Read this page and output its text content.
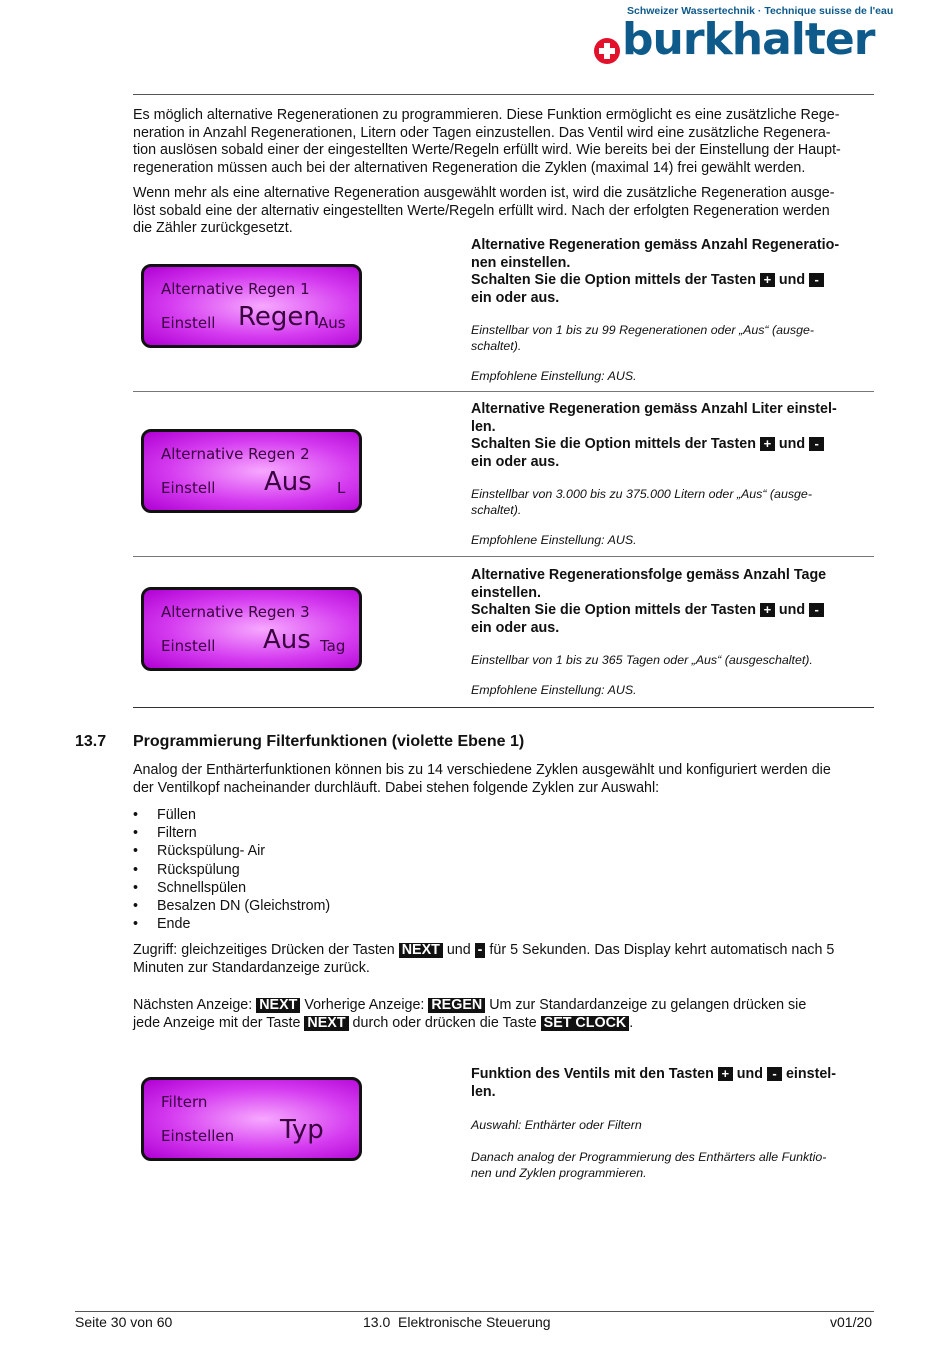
Schweizer Wassertechnik · Technique suisse de l'eau
burkhalter
Es möglich alternative Regenerationen zu programmieren. Diese Funktion ermöglicht es eine zusätzliche Rege-
neration in Anzahl Regenerationen, Litern oder Tagen einzustellen. Das Ventil wird eine zusätzliche Regenera-
tion auslösen sobald einer der eingestellten Werte/Regeln erfüllt wird. Wie bereits bei der Einstellung der Haupt-
regeneration müssen auch bei der alternativen Regeneration die Zyklen (maximal 14) frei gewählt werden.
Wenn mehr als eine alternative Regeneration ausgewählt worden ist, wird die zusätzliche Regeneration ausge-
löst sobald eine der alternativ eingestellten Werte/Regeln erfüllt wird. Nach der erfolgten Regeneration werden
die Zähler zurückgesetzt.
Alternative Regen 1
Einstell Regen
Aus
Alternative Regeneration gemäss Anzahl Regeneratio-
nen einstellen.
Schalten Sie die Option mittels der Tasten + und -
ein oder aus.
Einstellbar von 1 bis zu 99 Regenerationen oder „Aus“ (ausge-
schaltet).
Empfohlene Einstellung: AUS.
Alternative Regen 2
Einstell Aus L
Alternative Regeneration gemäss Anzahl Liter einstel-
len.
Schalten Sie die Option mittels der Tasten + und -
ein oder aus.
Einstellbar von 3.000 bis zu 375.000 Litern oder „Aus“ (ausge-
schaltet).
Empfohlene Einstellung: AUS.
Alternative Regen 3
Einstell Aus Tag
Alternative Regenerationsfolge gemäss Anzahl Tage
einstellen.
Schalten Sie die Option mittels der Tasten + und -
ein oder aus.
Einstellbar von 1 bis zu 365 Tagen oder „Aus“ (ausgeschaltet).
Empfohlene Einstellung: AUS.
13.7 Programmierung Filterfunktionen (violette Ebene 1)
Analog der Enthärterfunktionen können bis zu 14 verschiedene Zyklen ausgewählt und konfiguriert werden die
der Ventilkopf nacheinander durchläuft. Dabei stehen folgende Zyklen zur Auswahl:
• Füllen
• Filtern
• Rückspülung- Air
• Rückspülung
• Schnellspülen
• Besalzen DN (Gleichstrom)
• Ende
Zugriff: gleichzeitiges Drücken der Tasten NEXT und - für 5 Sekunden. Das Display kehrt automatisch nach 5
Minuten zur Standardanzeige zurück.
Nächsten Anzeige: NEXT Vorherige Anzeige: REGEN Um zur Standardanzeige zu gelangen drücken sie
jede Anzeige mit der Taste NEXT durch oder drücken die Taste SET CLOCK .
Filtern
Einstellen Typ
Funktion des Ventils mit den Tasten + und - einstel-
len.
Auswahl: Enthärter oder Filtern
Danach analog der Programmierung des Enthärters alle Funktio-
nen und Zyklen programmieren.
Seite 30 von 60	13.0  Elektronische Steuerung	v01/20
